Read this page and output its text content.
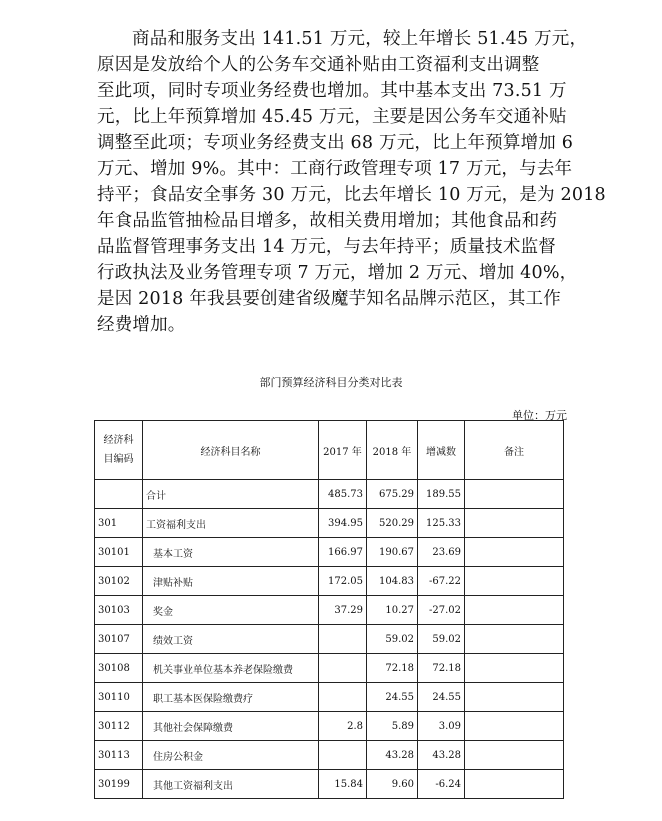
商品和服务支出 141.51 万元，较上年增长 51.45 万元，

原因是发放给个人的公务车交通补贴由工资福利支出调整

至此项，同时专项业务经费也增加。其中基本支出 73.51 万

元，比上年预算增加 45.45 万元，主要是因公务车交通补贴

调整至此项；专项业务经费支出 68 万元，比上年预算增加 6

万元、增加 9%。其中：工商行政管理专项 17 万元，与去年

持平；食品安全事务 30 万元，比去年增长 10 万元，是为 2018

年食品监管抽检品目增多，故相关费用增加；其他食品和药

品监督管理事务支出 14 万元，与去年持平；质量技术监督

行政执法及业务管理专项 7 万元，增加 2 万元、增加 40%，

是因 2018 年我县要创建省级魔芋知名品牌示范区，其工作

经费增加。

部门预算经济科目分类对比表
单位：万元
经济科
目编码	经济科目名称	2017 年	2018 年	增减数	备注
	合计	485.73	675.29	189.55	
301	工资福利支出	394.95	520.29	125.33	
30101	基本工资	166.97	190.67	23.69	
30102	津贴补贴	172.05	104.83	-67.22	
30103	奖金	37.29	10.27	-27.02	
30107	绩效工资		59.02	59.02	
30108	机关事业单位基本养老保险缴费		72.18	72.18	
30110	职工基本医保险缴费疗		24.55	24.55	
30112	其他社会保障缴费	2.8	5.89	3.09	
30113	住房公积金		43.28	43.28	
30199	其他工资福利支出	15.84	9.60	-6.24	
